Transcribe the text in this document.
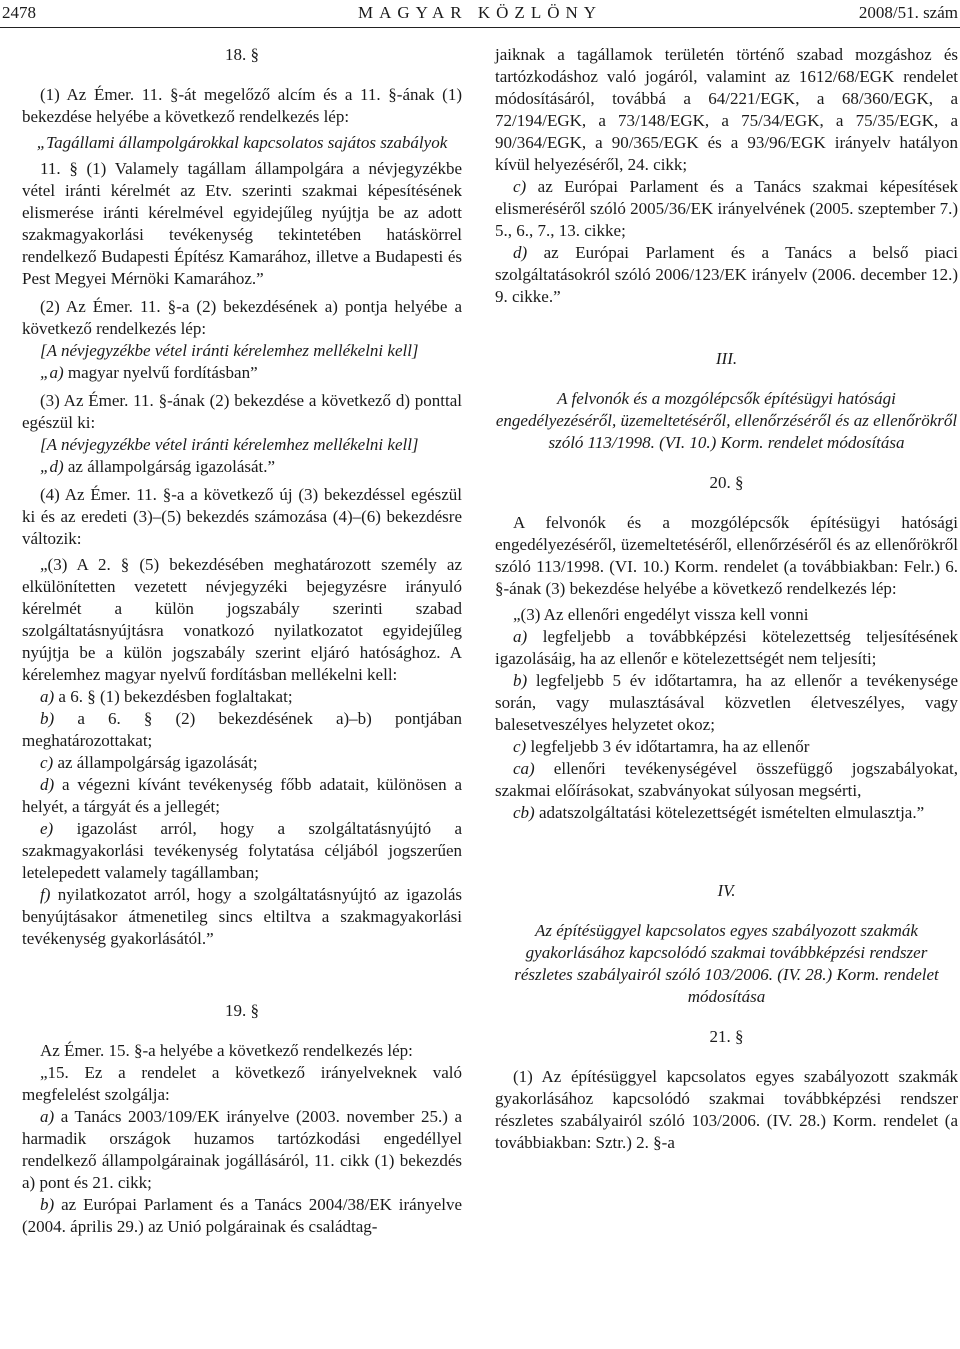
2478	MAGYAR KÖZLÖNY	2008/51. szám

18. §

(1) Az Émer. 11. §-át megelőző alcím és a 11. §-ának (1) bekezdése helyébe a következő rendelkezés lép:

„Tagállami állampolgárokkal kapcsolatos sajátos szabályok

11. § (1) Valamely tagállam állampolgára a névjegyzékbe vétel iránti kérelmét az Etv. szerinti szakmai képesítésének elismerése iránti kérelmével egyidejűleg nyújtja be az adott szakmagyakorlási tevékenység tekintetében hatáskörrel rendelkező Budapesti Építész Kamarához, illetve a Budapesti és Pest Megyei Mérnöki Kamarához.”

(2) Az Émer. 11. §-a (2) bekezdésének a) pontja helyébe a következő rendelkezés lép:

[A névjegyzékbe vétel iránti kérelemhez mellékelni kell]

„a) magyar nyelvű fordításban”

(3) Az Émer. 11. §-ának (2) bekezdése a következő d) ponttal egészül ki:

[A névjegyzékbe vétel iránti kérelemhez mellékelni kell]

„d) az állampolgárság igazolását.”

(4) Az Émer. 11. §-a a következő új (3) bekezdéssel egészül ki és az eredeti (3)–(5) bekezdés számozása (4)–(6) bekezdésre változik:

„(3) A 2. § (5) bekezdésében meghatározott személy az elkülönítetten vezetett névjegyzéki bejegyzésre irányuló kérelmét a külön jogszabály szerinti szabad szolgáltatásnyújtásra vonatkozó nyilatkozatot egyidejűleg nyújtja be a külön jogszabály szerint eljáró hatósághoz. A kérelemhez magyar nyelvű fordításban mellékelni kell:

a) a 6. § (1) bekezdésben foglaltakat;

b) a 6. § (2) bekezdésének a)–b) pontjában meghatározottakat;

c) az állampolgárság igazolását;

d) a végezni kívánt tevékenység főbb adatait, különösen a helyét, a tárgyát és a jellegét;

e) igazolást arról, hogy a szolgáltatásnyújtó a szakmagyakorlási tevékenység folytatása céljából jogszerűen letelepedett valamely tagállamban;

f) nyilatkozatot arról, hogy a szolgáltatásnyújtó az igazolás benyújtásakor átmenetileg sincs eltiltva a szakmagyakorlási tevékenység gyakorlásától.”

19. §

Az Émer. 15. §-a helyébe a következő rendelkezés lép:

„15. Ez a rendelet a következő irányelveknek való megfelelést szolgálja:

a) a Tanács 2003/109/EK irányelve (2003. november 25.) a harmadik országok huzamos tartózkodási engedéllyel rendelkező állampolgárainak jogállásáról, 11. cikk (1) bekezdés a) pont és 21. cikk;

b) az Európai Parlament és a Tanács 2004/38/EK irányelve (2004. április 29.) az Unió polgárainak és családtag-

jaiknak a tagállamok területén történő szabad mozgáshoz és tartózkodáshoz való jogáról, valamint az 1612/68/EGK rendelet módosításáról, továbbá a 64/221/EGK, a 68/360/EGK, a 72/194/EGK, a 73/148/EGK, a 75/34/EGK, a 75/35/EGK, a 90/364/EGK, a 90/365/EGK és a 93/96/EGK irányelv hatályon kívül helyezéséről, 24. cikk;

c) az Európai Parlament és a Tanács szakmai képesítések elismeréséről szóló 2005/36/EK irányelvének (2005. szeptember 7.) 5., 6., 7., 13. cikke;

d) az Európai Parlament és a Tanács a belső piaci szolgáltatásokról szóló 2006/123/EK irányelv (2006. december 12.) 9. cikke.”

III.

A felvonók és a mozgólépcsők építésügyi hatósági engedélyezéséről, üzemeltetéséről, ellenőrzéséről és az ellenőrökről szóló 113/1998. (VI. 10.) Korm. rendelet módosítása

20. §

A felvonók és a mozgólépcsők építésügyi hatósági engedélyezéséről, üzemeltetéséről, ellenőrzéséről és az ellenőrökről szóló 113/1998. (VI. 10.) Korm. rendelet (a továbbiakban: Felr.) 6. §-ának (3) bekezdése helyébe a következő rendelkezés lép:

„(3) Az ellenőri engedélyt vissza kell vonni

a) legfeljebb a továbbképzési kötelezettség teljesítésének igazolásáig, ha az ellenőr e kötelezettségét nem teljesíti;

b) legfeljebb 5 év időtartamra, ha az ellenőr a tevékenysége során, vagy mulasztásával közvetlen életveszélyes, vagy balesetveszélyes helyzetet okoz;

c) legfeljebb 3 év időtartamra, ha az ellenőr

ca) ellenőri tevékenységével összefüggő jogszabályokat, szakmai előírásokat, szabványokat súlyosan megsérti,

cb) adatszolgáltatási kötelezettségét ismételten elmulasztja.”

IV.

Az építésüggyel kapcsolatos egyes szabályozott szakmák gyakorlásához kapcsolódó szakmai továbbképzési rendszer részletes szabályairól szóló 103/2006. (IV. 28.) Korm. rendelet módosítása

21. §

(1) Az építésüggyel kapcsolatos egyes szabályozott szakmák gyakorlásához kapcsolódó szakmai továbbképzési rendszer részletes szabályairól szóló 103/2006. (IV. 28.) Korm. rendelet (a továbbiakban: Sztr.) 2. §-a
